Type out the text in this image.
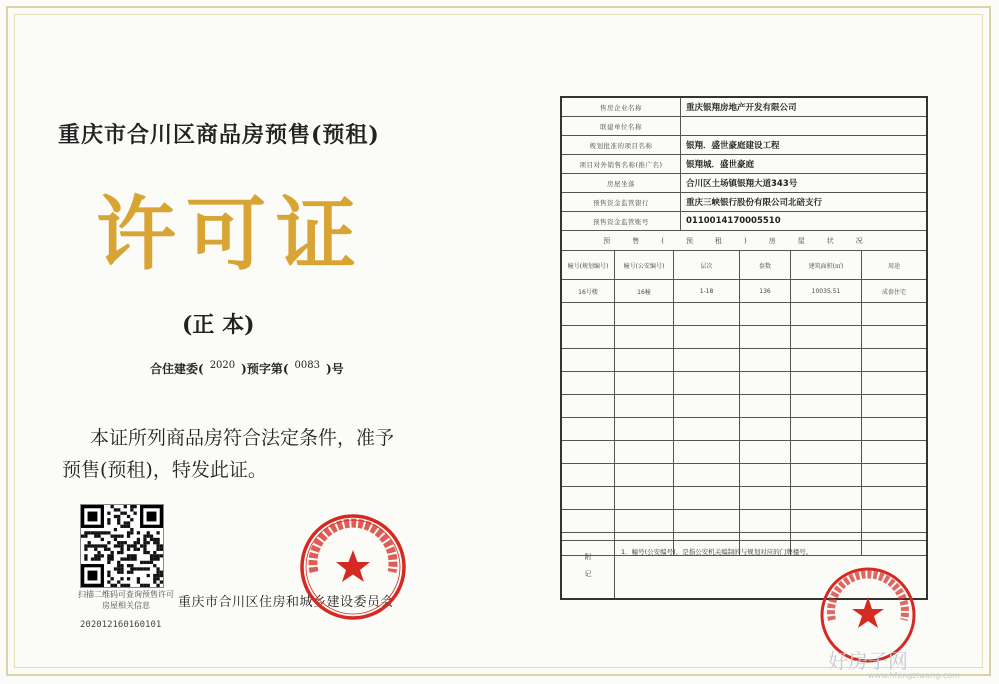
重庆市合川区商品房预售(预租)
许可证
(正 本)
合住建委( 2020 )预字第( 0083 )号
本证所列商品房符合法定条件，准予预售(预租)，特发此证。
扫描二维码可查询预售许可房屋相关信息
20201216016010​1
重庆市合川区住房和城乡建设委员会
售房企业名称	重庆银翔房地产开发有限公司
联建单位名称
规划批准的项目名称	银翔．盛世豪庭建设工程
项目对外销售名称(推广名)	银翔城．盛世豪庭
房屋坐落	合川区土场镇银翔大道343号
预售资金监管银行	重庆三峡银行股份有限公司北碚支行
预售资金监管账号	0110014170005510
预售(预租)房屋状况
幢号(规划编号)	幢号(公安编号)	层次	套数	建筑面积(㎡)	用途
16号楼	16幢	1-18	136	10035.51	成套住宅

附记
1．幢号(公安编号)，是指公安机关编制的与规划对应的门牌楼号。
好房子网
www.hfangziwang.com
